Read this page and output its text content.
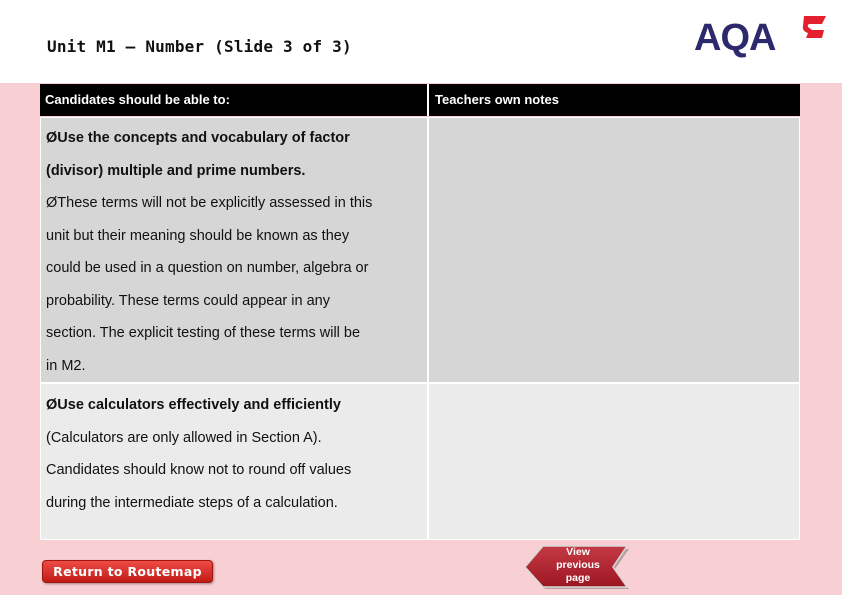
Unit M1 – Number (Slide 3 of 3)	AQA
Candidates should be able to:	Teachers own notes
ØUse the concepts and vocabulary of factor
(divisor) multiple and prime numbers.
ØThese terms will not be explicitly assessed in this
unit but their meaning should be known as they
could be used in a question on number, algebra or
probability. These terms could appear in any
section. The explicit testing of these terms will be
in M2.
ØUse calculators effectively and efficiently
(Calculators are only allowed in Section A).
Candidates should know not to round off values
during the intermediate steps of a calculation.
Return to Routemap
View
previous
page
